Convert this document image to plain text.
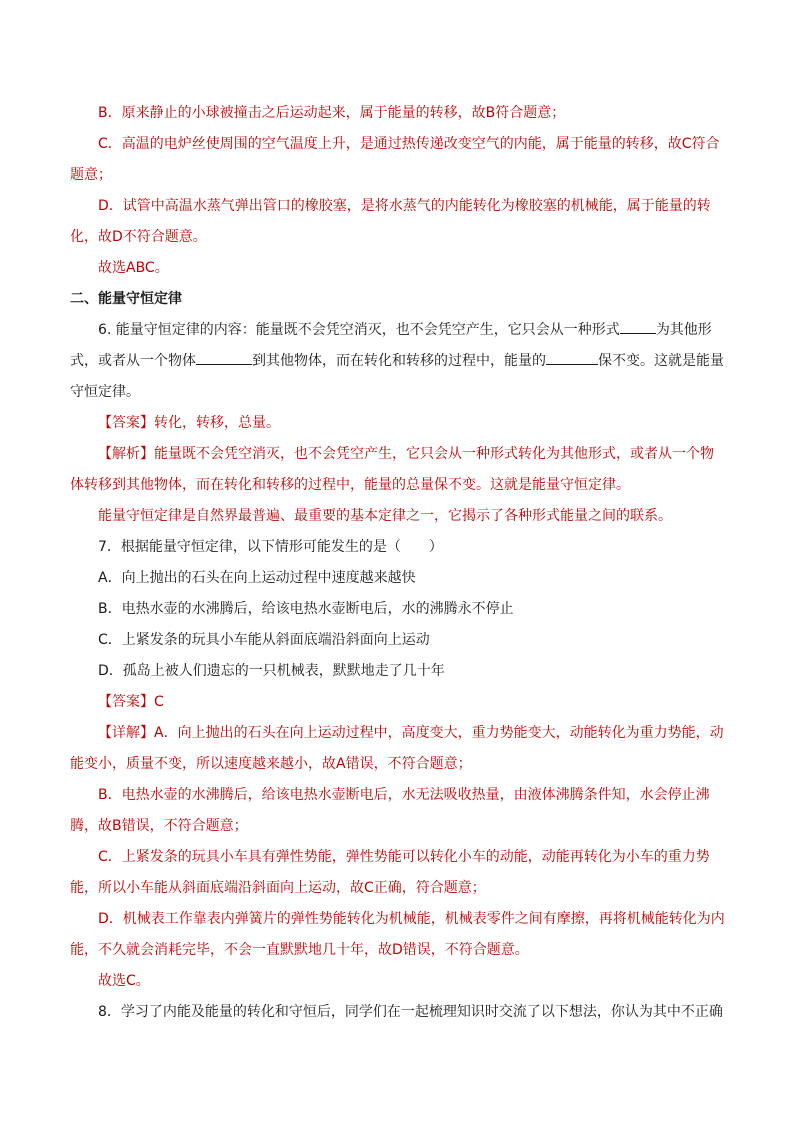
B．原来静止的小球被撞击之后运动起来，属于能量的转移，故B符合题意；

C．高温的电炉丝使周围的空气温度上升，是通过热传递改变空气的内能，属于能量的转移，故C符合题意；

D．试管中高温水蒸气弹出管口的橡胶塞，是将水蒸气的内能转化为橡胶塞的机械能，属于能量的转化，故D不符合题意。

故选ABC。

二、能量守恒定律

6. 能量守恒定律的内容：能量既不会凭空消灭，也不会凭空产生，它只会从一种形式	为其他形式，或者从一个物体	到其他物体，而在转化和转移的过程中，能量的	保不变。这就是能量守恒定律。

【答案】转化，转移，总量。

【解析】能量既不会凭空消灭，也不会凭空产生，它只会从一种形式转化为其他形式，或者从一个物体转移到其他物体，而在转化和转移的过程中，能量的总量保不变。这就是能量守恒定律。

能量守恒定律是自然界最普遍、最重要的基本定律之一，它揭示了各种形式能量之间的联系。

7．根据能量守恒定律，以下情形可能发生的是（　　）

A．向上抛出的石头在向上运动过程中速度越来越快

B．电热水壶的水沸腾后，给该电热水壶断电后，水的沸腾永不停止

C．上紧发条的玩具小车能从斜面底端沿斜面向上运动

D．孤岛上被人们遗忘的一只机械表，默默地走了几十年

【答案】C

【详解】A．向上抛出的石头在向上运动过程中，高度变大，重力势能变大，动能转化为重力势能，动能变小，质量不变，所以速度越来越小，故A错误，不符合题意；

B．电热水壶的水沸腾后，给该电热水壶断电后，水无法吸收热量，由液体沸腾条件知，水会停止沸腾，故B错误，不符合题意；

C．上紧发条的玩具小车具有弹性势能，弹性势能可以转化小车的动能，动能再转化为小车的重力势能，所以小车能从斜面底端沿斜面向上运动，故C正确，符合题意；

D．机械表工作靠表内弹簧片的弹性势能转化为机械能，机械表零件之间有摩擦，再将机械能转化为内能，不久就会消耗完毕，不会一直默默地几十年，故D错误，不符合题意。

故选C。

8．学习了内能及能量的转化和守恒后，同学们在一起梳理知识时交流了以下想法，你认为其中不正确
